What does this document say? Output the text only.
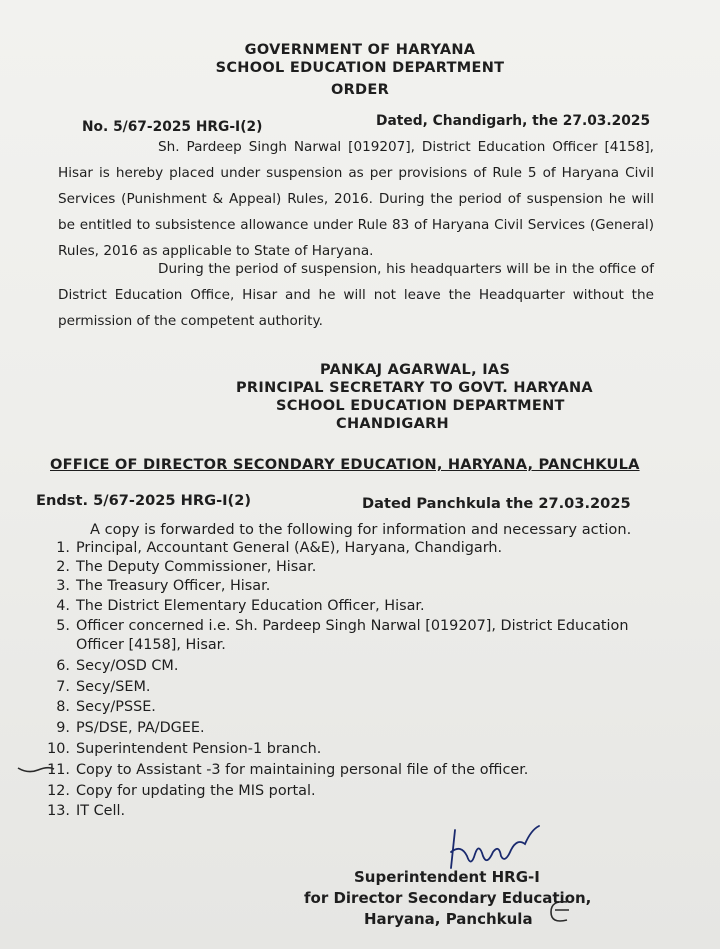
GOVERNMENT OF HARYANA
SCHOOL EDUCATION DEPARTMENT
ORDER
No. 5/67-2025 HRG-I(2)	Dated, Chandigarh, the 27.03.2025
Sh. Pardeep Singh Narwal [019207], District Education Officer [4158], Hisar is hereby placed under suspension as per provisions of Rule 5 of Haryana Civil Services (Punishment & Appeal) Rules, 2016. During the period of suspension he will be entitled to subsistence allowance under Rule 83 of Haryana Civil Services (General) Rules, 2016 as applicable to State of Haryana.
During the period of suspension, his headquarters will be in the office of District Education Office, Hisar and he will not leave the Headquarter without the permission of the competent authority.
PANKAJ AGARWAL, IAS
PRINCIPAL SECRETARY TO GOVT. HARYANA
SCHOOL EDUCATION DEPARTMENT
CHANDIGARH
OFFICE OF DIRECTOR SECONDARY EDUCATION, HARYANA, PANCHKULA
Endst. 5/67-2025 HRG-I(2)	Dated Panchkula the 27.03.2025
A copy is forwarded to the following for information and necessary action.
1. Principal, Accountant General (A&E), Haryana, Chandigarh.
2. The Deputy Commissioner, Hisar.
3. The Treasury Officer, Hisar.
4. The District Elementary Education Officer, Hisar.
5. Officer concerned i.e. Sh. Pardeep Singh Narwal [019207], District Education
Officer [4158], Hisar.
6. Secy/OSD CM.
7. Secy/SEM.
8. Secy/PSSE.
9. PS/DSE, PA/DGEE.
10. Superintendent Pension-1 branch.
11. Copy to Assistant -3 for maintaining personal file of the officer.
12. Copy for updating the MIS portal.
13. IT Cell.
Superintendent HRG-I
for Director Secondary Education,
Haryana, Panchkula
